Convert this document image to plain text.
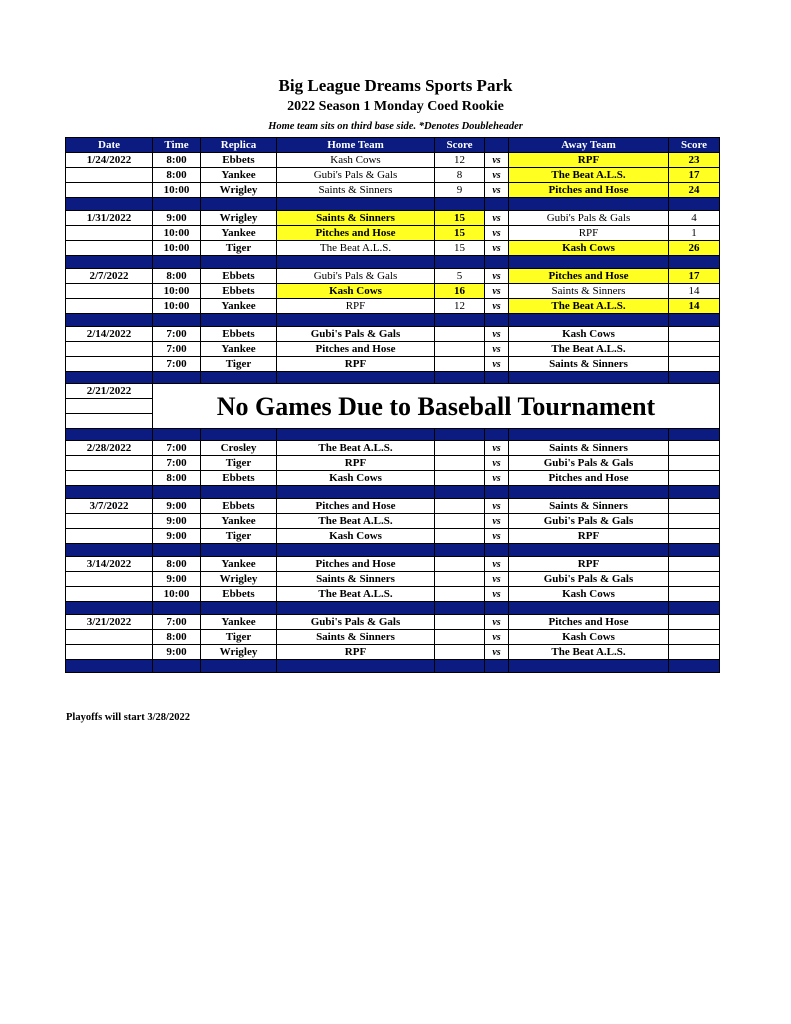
Big League Dreams Sports Park
2022 Season 1 Monday Coed Rookie
Home team sits on third base side. *Denotes Doubleheader
Date	Time	Replica	Home Team	Score		Away Team	Score
1/24/2022	8:00	Ebbets	Kash Cows	12	vs	RPF	23
	8:00	Yankee	Gubi's Pals & Gals	8	vs	The Beat A.L.S.	17
	10:00	Wrigley	Saints & Sinners	9	vs	Pitches and Hose	24

1/31/2022	9:00	Wrigley	Saints & Sinners	15	vs	Gubi's Pals & Gals	4
	10:00	Yankee	Pitches and Hose	15	vs	RPF	1
	10:00	Tiger	The Beat A.L.S.	15	vs	Kash Cows	26

2/7/2022	8:00	Ebbets	Gubi's Pals & Gals	5	vs	Pitches and Hose	17
	10:00	Ebbets	Kash Cows	16	vs	Saints & Sinners	14
	10:00	Yankee	RPF	12	vs	The Beat A.L.S.	14

2/14/2022	7:00	Ebbets	Gubi's Pals & Gals		vs	Kash Cows	
	7:00	Yankee	Pitches and Hose		vs	The Beat A.L.S.	
	7:00	Tiger	RPF		vs	Saints & Sinners	

2/21/2022	No Games Due to Baseball Tournament						

2/28/2022	7:00	Crosley	The Beat A.L.S.		vs	Saints & Sinners	
	7:00	Tiger	RPF		vs	Gubi's Pals & Gals	
	8:00	Ebbets	Kash Cows		vs	Pitches and Hose	

3/7/2022	9:00	Ebbets	Pitches and Hose		vs	Saints & Sinners	
	9:00	Yankee	The Beat A.L.S.		vs	Gubi's Pals & Gals	
	9:00	Tiger	Kash Cows		vs	RPF	

3/14/2022	8:00	Yankee	Pitches and Hose		vs	RPF	
	9:00	Wrigley	Saints & Sinners		vs	Gubi's Pals & Gals	
	10:00	Ebbets	The Beat A.L.S.		vs	Kash Cows	

3/21/2022	7:00	Yankee	Gubi's Pals & Gals		vs	Pitches and Hose	
	8:00	Tiger	Saints & Sinners		vs	Kash Cows	
	9:00	Wrigley	RPF		vs	The Beat A.L.S.	

Playoffs will start 3/28/2022
